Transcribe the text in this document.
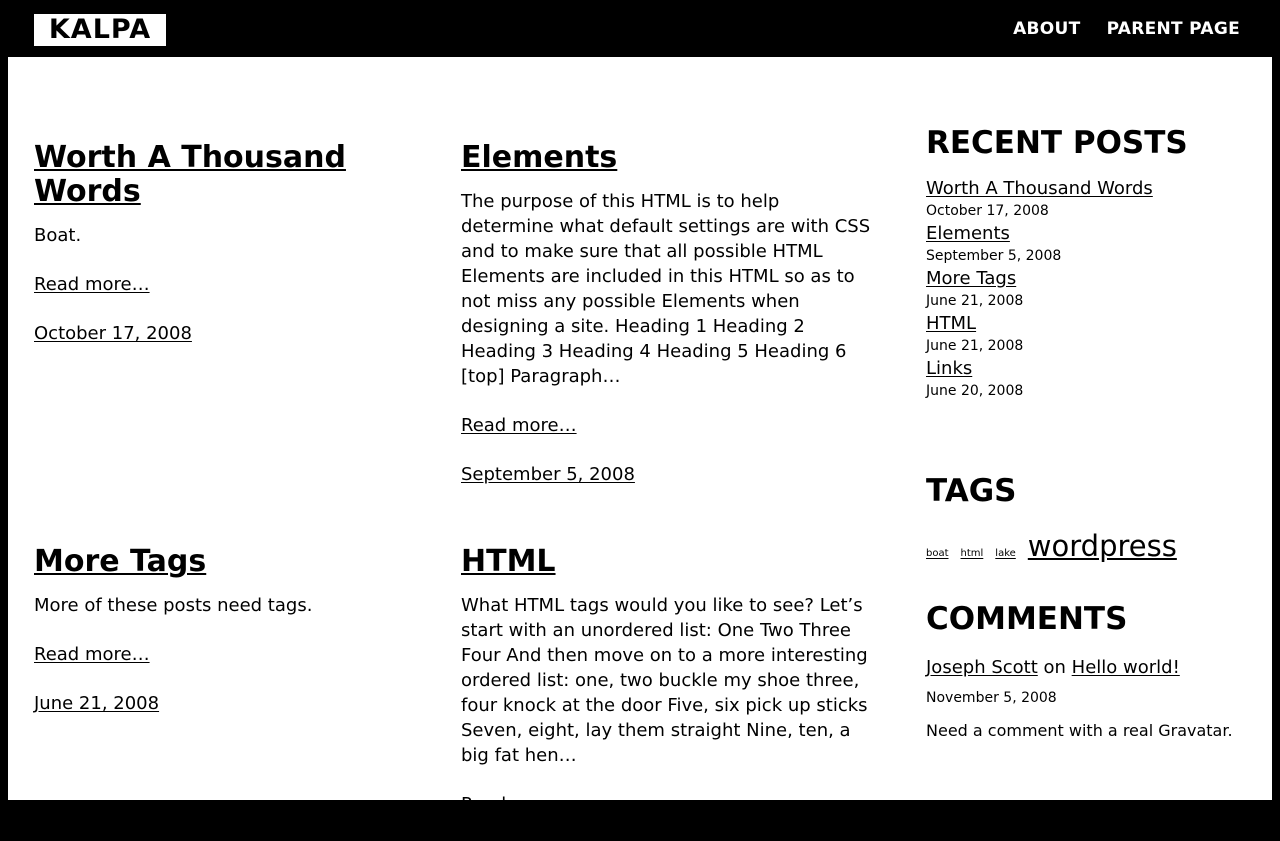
KALPA	ABOUT PARENT PAGE
Worth A Thousand Words

Boat.

Read more…

October 17, 2008
Elements

The purpose of this HTML is to help determine what default settings are with CSS and to make sure that all possible HTML Elements are included in this HTML so as to not miss any possible Elements when designing a site. Heading 1 Heading 2 Heading 3 Heading 4 Heading 5 Heading 6 [top] Paragraph…

Read more…

September 5, 2008
More Tags

More of these posts need tags.

Read more…

June 21, 2008
HTML

What HTML tags would you like to see? Let’s start with an unordered list: One Two Three Four And then move on to a more interesting ordered list: one, two buckle my shoe three, four knock at the door Five, six pick up sticks Seven, eight, lay them straight Nine, ten, a big fat hen…

Read more…

RECENT POSTS
Worth A Thousand Words
October 17, 2008
Elements
September 5, 2008
More Tags
June 21, 2008
HTML
June 21, 2008
Links
June 20, 2008
TAGS
boat html lake wordpress
COMMENTS
Joseph Scott on Hello world!
November 5, 2008
Need a comment with a real Gravatar.
